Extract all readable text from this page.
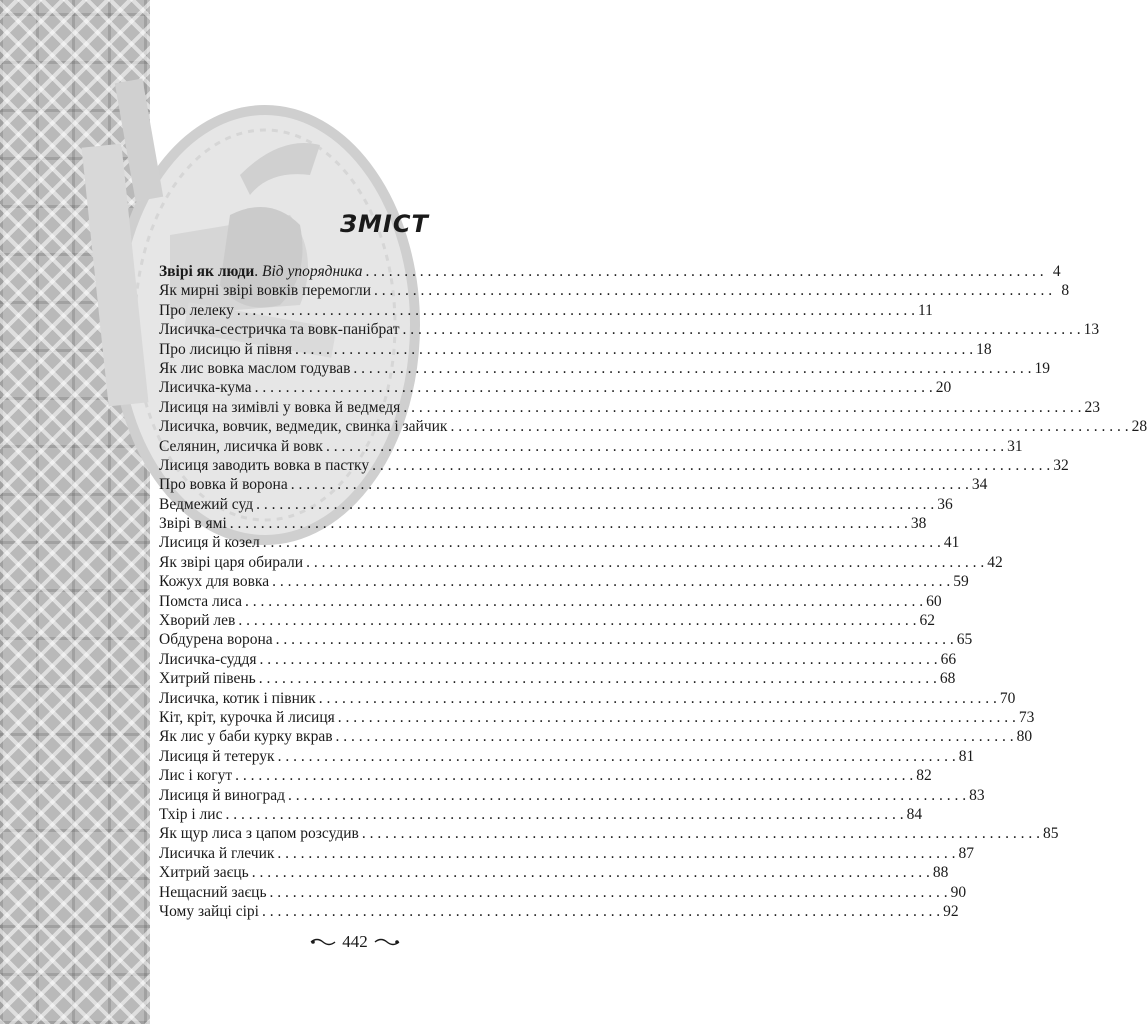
ЗМІСТ
Звірі як люди. Від упорядника . . .	4
Як мирні звірі вовків перемогли . . .	8
Про лелеку . . .	11
Лисичка-сестричка та вовк-панібрат . . .	13
Про лисицю й півня . . .	18
Як лис вовка маслом годував . . .	19
Лисичка-кума . . .	20
Лисиця на зимівлі у вовка й ведмедя . . .	23
Лисичка, вовчик, ведмедик, свинка і зайчик . . .	28
Селянин, лисичка й вовк . . .	31
Лисиця заводить вовка в пастку . . .	32
Про вовка й ворона . . .	34
Ведмежий суд . . .	36
Звірі в ямі . . .	38
Лисиця й козел . . .	41
Як звірі царя обирали . . .	42
Кожух для вовка . . .	59
Помста лиса . . .	60
Хворий лев . . .	62
Обдурена ворона . . .	65
Лисичка-суддя . . .	66
Хитрий півень . . .	68
Лисичка, котик і півник . . .	70
Кіт, кріт, курочка й лисиця . . .	73
Як лис у баби курку вкрав . . .	80
Лисиця й тетерук . . .	81
Лис і когут . . .	82
Лисиця й виноград . . .	83
Тхір і лис . . .	84
Як щур лиса з цапом розсудив . . .	85
Лисичка й глечик . . .	87
Хитрий заєць . . .	88
Нещасний заєць . . .	90
Чому зайці сірі . . .	92
442
